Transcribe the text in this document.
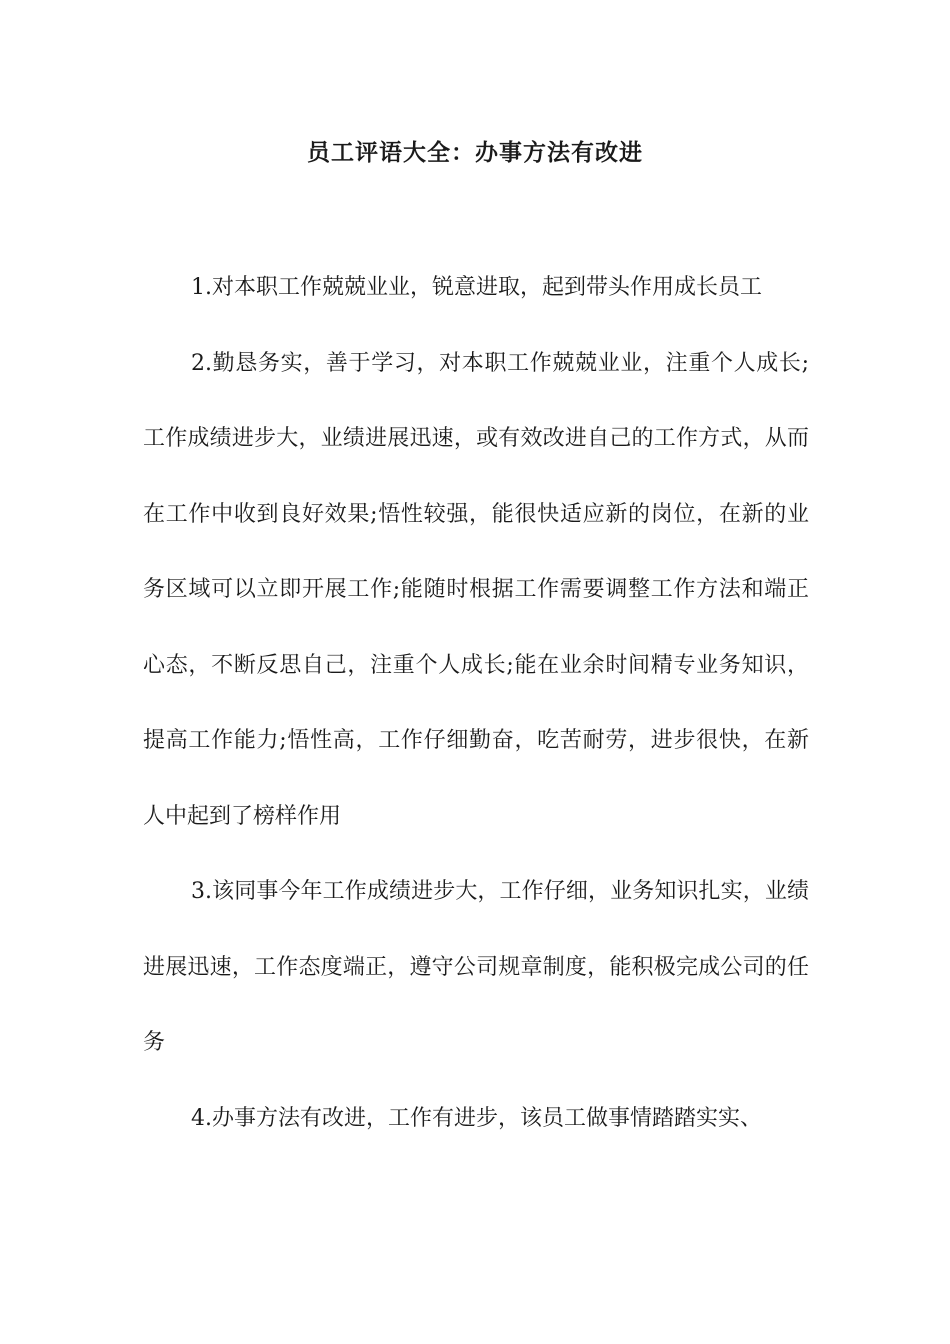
员工评语大全：办事方法有改进

1.对本职工作兢兢业业，锐意进取，起到带头作用成长员工

2.勤恳务实，善于学习，对本职工作兢兢业业，注重个人成长;工作成绩进步大，业绩进展迅速，或有效改进自己的工作方式，从而在工作中收到良好效果;悟性较强，能很快适应新的岗位，在新的业务区域可以立即开展工作;能随时根据工作需要调整工作方法和端正心态，不断反思自己，注重个人成长;能在业余时间精专业务知识，提高工作能力;悟性高，工作仔细勤奋，吃苦耐劳，进步很快，在新人中起到了榜样作用

3.该同事今年工作成绩进步大，工作仔细，业务知识扎实，业绩进展迅速，工作态度端正，遵守公司规章制度，能积极完成公司的任务

4.办事方法有改进，工作有进步，该员工做事情踏踏实实、
